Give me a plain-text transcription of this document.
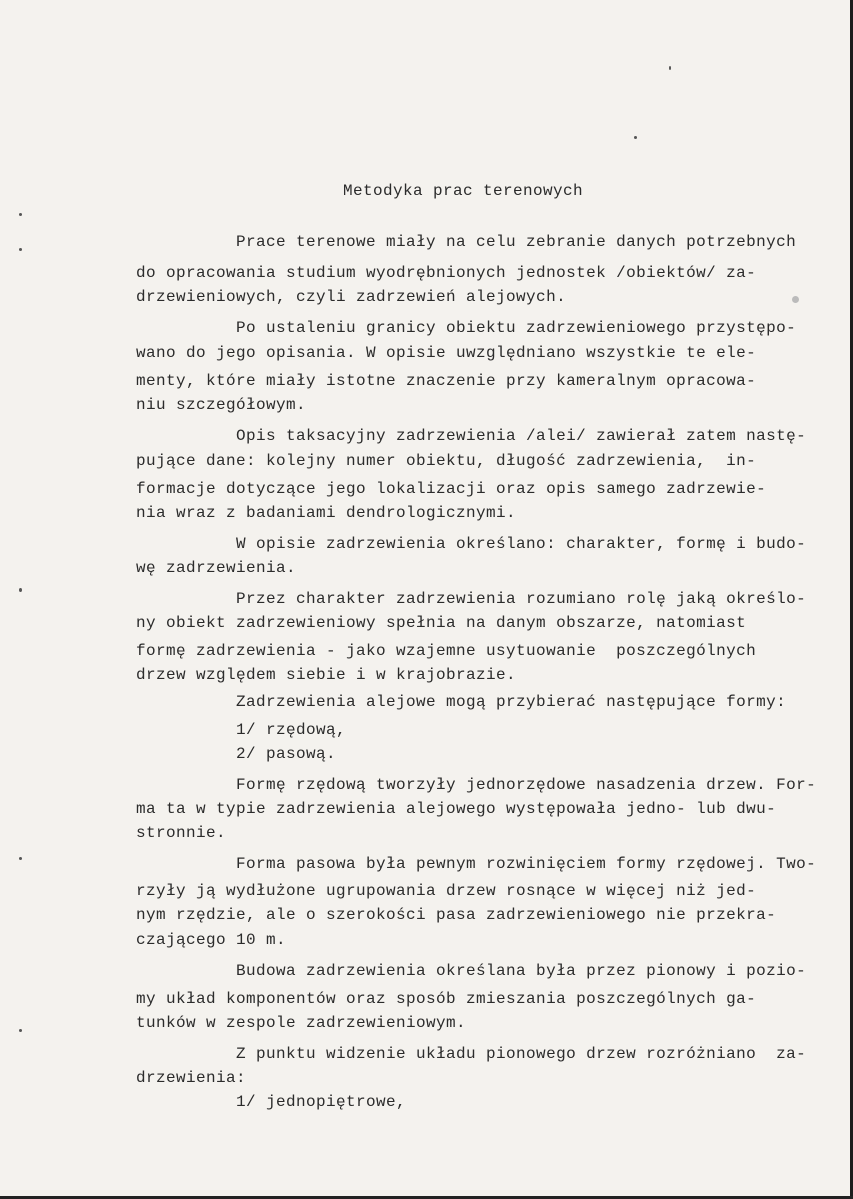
Metodyka prac terenowych
Prace terenowe miały na celu zebranie danych potrzebnych
do opracowania studium wyodrębnionych jednostek /obiektów/ za-
drzewieniowych, czyli zadrzewień alejowych.
Po ustaleniu granicy obiektu zadrzewieniowego przystępo-
wano do jego opisania. W opisie uwzględniano wszystkie te ele-
menty, które miały istotne znaczenie przy kameralnym opracowa-
niu szczegółowym.
Opis taksacyjny zadrzewienia /alei/ zawierał zatem nastę-
pujące dane: kolejny numer obiektu, długość zadrzewienia,  in-
formacje dotyczące jego lokalizacji oraz opis samego zadrzewie-
nia wraz z badaniami dendrologicznymi.
W opisie zadrzewienia określano: charakter, formę i budo-
wę zadrzewienia.
Przez charakter zadrzewienia rozumiano rolę jaką określo-
ny obiekt zadrzewieniowy spełnia na danym obszarze, natomiast
formę zadrzewienia - jako wzajemne usytuowanie  poszczególnych
drzew względem siebie i w krajobrazie.
Zadrzewienia alejowe mogą przybierać następujące formy:
1/ rzędową,
2/ pasową.
Formę rzędową tworzyły jednorzędowe nasadzenia drzew. For-
ma ta w typie zadrzewienia alejowego występowała jedno- lub dwu-
stronnie.
Forma pasowa była pewnym rozwinięciem formy rzędowej. Two-
rzyły ją wydłużone ugrupowania drzew rosnące w więcej niż jed-
nym rzędzie, ale o szerokości pasa zadrzewieniowego nie przekra-
czającego 10 m.
Budowa zadrzewienia określana była przez pionowy i pozio-
my układ komponentów oraz sposób zmieszania poszczególnych ga-
tunków w zespole zadrzewieniowym.
Z punktu widzenie układu pionowego drzew rozróżniano  za-
drzewienia:
1/ jednopiętrowe,
